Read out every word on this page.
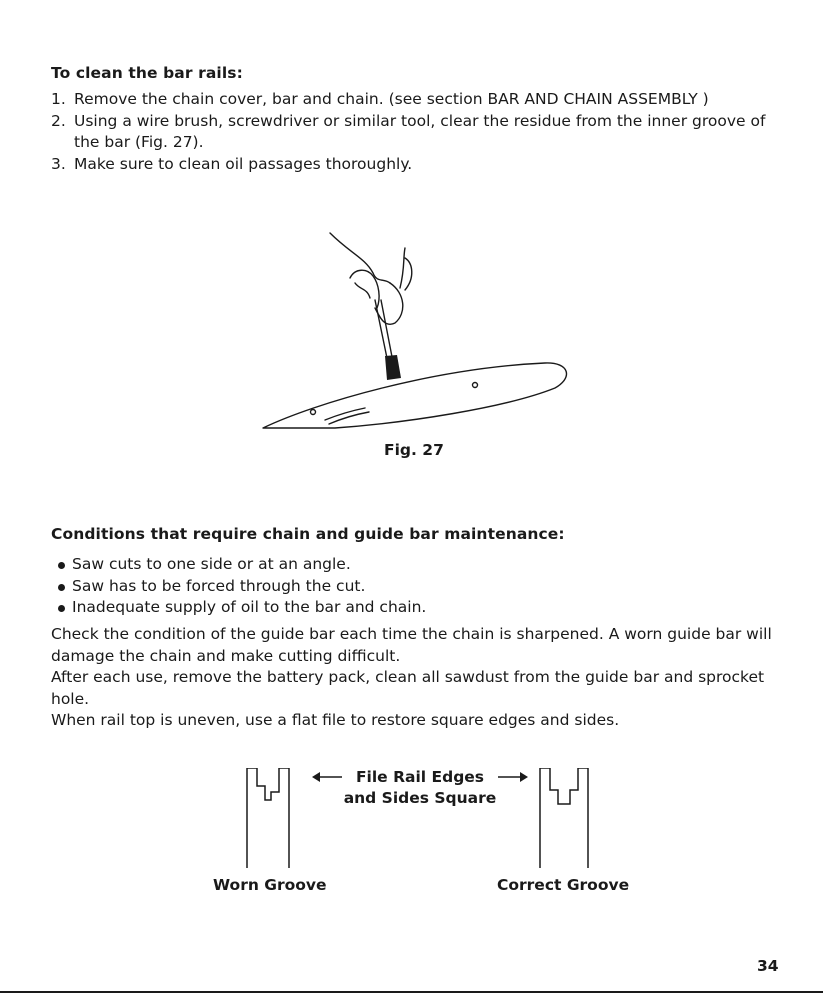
To clean the bar rails:
1. Remove the chain cover, bar and chain. (see section BAR AND CHAIN ASSEMBLY )
2. Using a wire brush, screwdriver or similar tool, clear the residue from the inner groove of the bar (Fig. 27).
3. Make sure to clean oil passages thoroughly.
Fig. 27
Conditions that require chain and guide bar maintenance:
Saw cuts to one side or at an angle.
Saw has to be forced through the cut.
Inadequate supply of oil to the bar and chain.

Check the condition of the guide bar each time the chain is sharpened. A worn guide bar will damage the chain and make cutting difficult.

After each use, remove the battery pack, clean all sawdust from the guide bar and sprocket hole.

When rail top is uneven, use a flat file to restore square edges and sides.

File Rail Edges
and Sides Square
Worn Groove	Correct Groove
34
